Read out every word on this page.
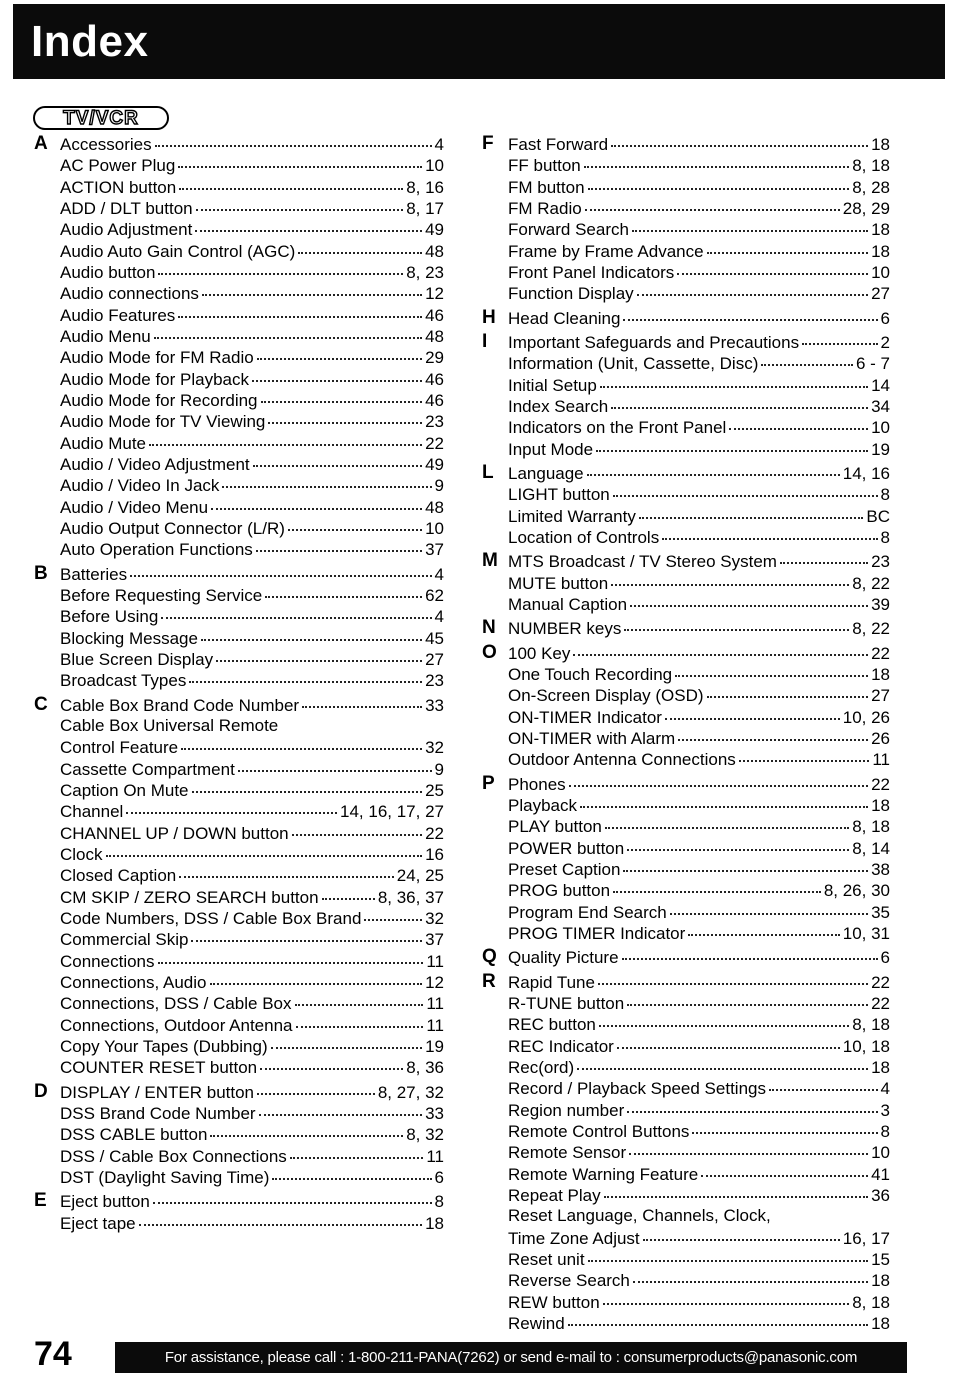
Index
TV/VCR
A Accessories	4
AC Power Plug	10
ACTION button	8, 16
ADD / DLT button	8, 17
Audio Adjustment	49
Audio Auto Gain Control (AGC)	48
Audio button	8, 23
Audio connections	12
Audio Features	46
Audio Menu	48
Audio Mode for FM Radio	29
Audio Mode for Playback	46
Audio Mode for Recording	46
Audio Mode for TV Viewing	23
Audio Mute	22
Audio / Video Adjustment	49
Audio / Video In Jack	9
Audio / Video Menu	48
Audio Output Connector (L/R)	10
Auto Operation Functions	37
B Batteries	4
Before Requesting Service	62
Before Using	4
Blocking Message	45
Blue Screen Display	27
Broadcast Types	23
C Cable Box Brand Code Number	33
Cable Box Universal Remote
Control Feature	32
Cassette Compartment	9
Caption On Mute	25
Channel	14, 16, 17, 27
CHANNEL UP / DOWN button	22
Clock	16
Closed Caption	24, 25
CM SKIP / ZERO SEARCH button	8, 36, 37
Code Numbers, DSS / Cable Box Brand	32
Commercial Skip	37
Connections	11
Connections, Audio	12
Connections, DSS / Cable Box	11
Connections, Outdoor Antenna	11
Copy Your Tapes (Dubbing)	19
COUNTER RESET button	8, 36
D DISPLAY / ENTER button	8, 27, 32
DSS Brand Code Number	33
DSS CABLE button	8, 32
DSS / Cable Box Connections	11
DST (Daylight Saving Time)	6
E Eject button	8
Eject tape	18
F Fast Forward	18
FF button	8, 18
FM button	8, 28
FM Radio	28, 29
Forward Search	18
Frame by Frame Advance	18
Front Panel Indicators	10
Function Display	27
H Head Cleaning	6
I	Important Safeguards and Precautions	2
Information (Unit, Cassette, Disc)	6 - 7
Initial Setup	14
Index Search	34
Indicators on the Front Panel	10
Input Mode	19
L Language	14, 16
LIGHT button	8
Limited Warranty	BC
Location of Controls	8
M MTS Broadcast / TV Stereo System	23
MUTE button	8, 22
Manual Caption	39
N NUMBER keys	8, 22
O 100 Key	22
One Touch Recording	18
On-Screen Display (OSD)	27
ON-TIMER Indicator	10, 26
ON-TIMER with Alarm	26
Outdoor Antenna Connections	11
P Phones	22
Playback	18
PLAY button	8, 18
POWER button	8, 14
Preset Caption	38
PROG button	8, 26, 30
Program End Search	35
PROG TIMER Indicator	10, 31
Q Quality Picture	6
R Rapid Tune	22
R-TUNE button	22
REC button	8, 18
REC Indicator	10, 18
Rec(ord)	18
Record / Playback Speed Settings	4
Region number	3
Remote Control Buttons	8
Remote Sensor	10
Remote Warning Feature	41
Repeat Play	36
Reset Language, Channels, Clock,
Time Zone Adjust	16, 17
Reset unit	15
Reverse Search	18
REW button	8, 18
Rewind	18
74	For assistance, please call : 1-800-211-PANA(7262) or send e-mail to : consumerproducts@panasonic.com
